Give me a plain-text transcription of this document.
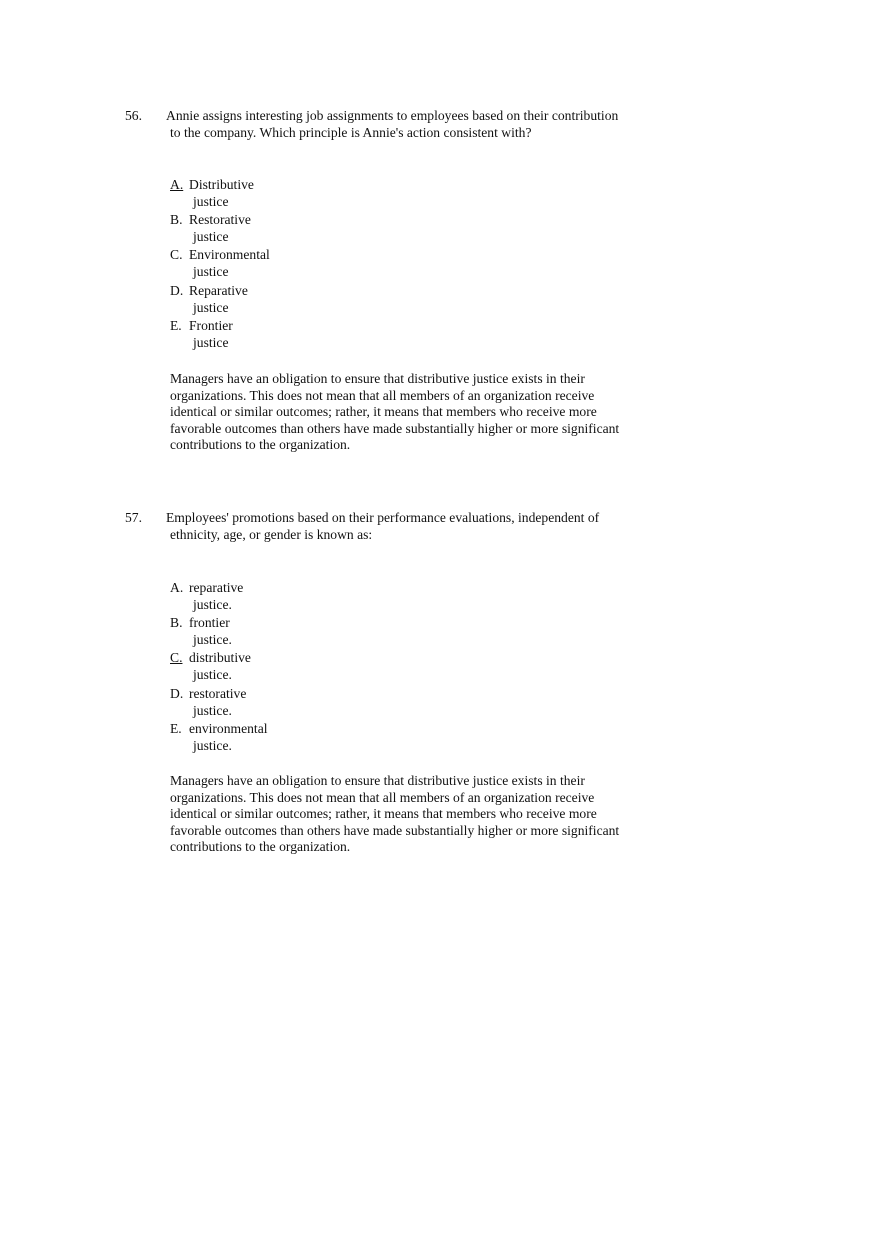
56. Annie assigns interesting job assignments to employees based on their contribution
to the company. Which principle is Annie's action consistent with?
A. Distributive
justice
B. Restorative
justice
C. Environmental
justice
D. Reparative
justice
E. Frontier
justice
Managers have an obligation to ensure that distributive justice exists in their
organizations. This does not mean that all members of an organization receive
identical or similar outcomes; rather, it means that members who receive more
favorable outcomes than others have made substantially higher or more significant
contributions to the organization.
57. Employees' promotions based on their performance evaluations, independent of
ethnicity, age, or gender is known as:
A. reparative
justice.
B. frontier
justice.
C. distributive
justice.
D. restorative
justice.
E. environmental
justice.
Managers have an obligation to ensure that distributive justice exists in their
organizations. This does not mean that all members of an organization receive
identical or similar outcomes; rather, it means that members who receive more
favorable outcomes than others have made substantially higher or more significant
contributions to the organization.
